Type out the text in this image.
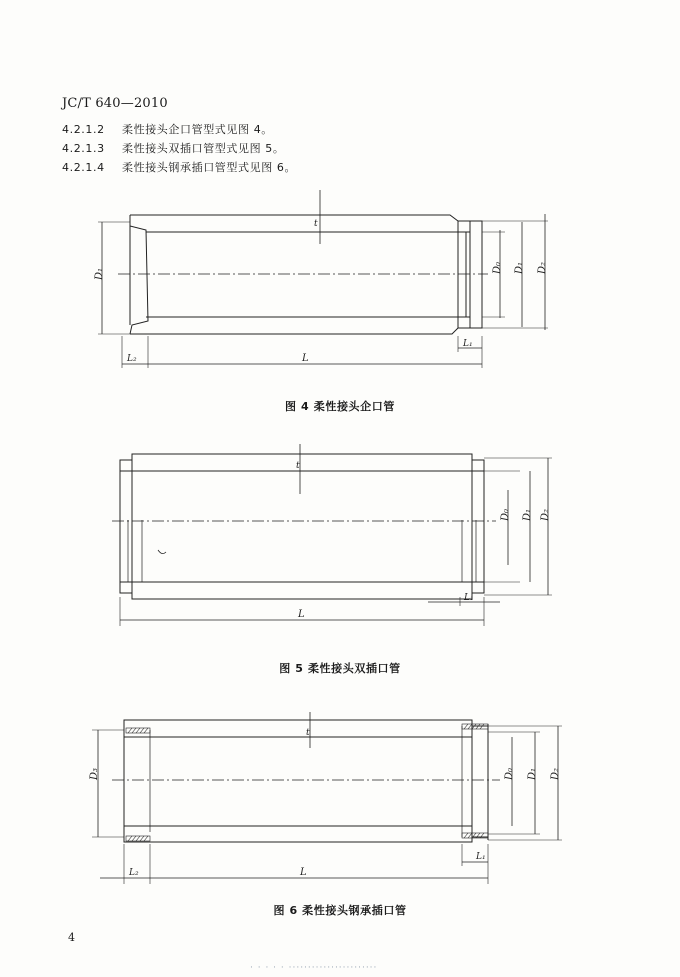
JC/T 640—2010
4.2.1.2 柔性接头企口管型式见图 4。
4.2.1.3 柔性接头双插口管型式见图 5。
4.2.1.4 柔性接头钢承插口管型式见图 6。
t
D₁	D₀ D₁ D₂
L₂	L
L₁
t
D₀ D₁ D₂
L₁
L
t
D₃	D₀ D₁ D₂
L₁
L₂	L
图 4 柔性接头企口管
图 5 柔性接头双插口管
图 6 柔性接头钢承插口管
4
· · · · · ·······················
